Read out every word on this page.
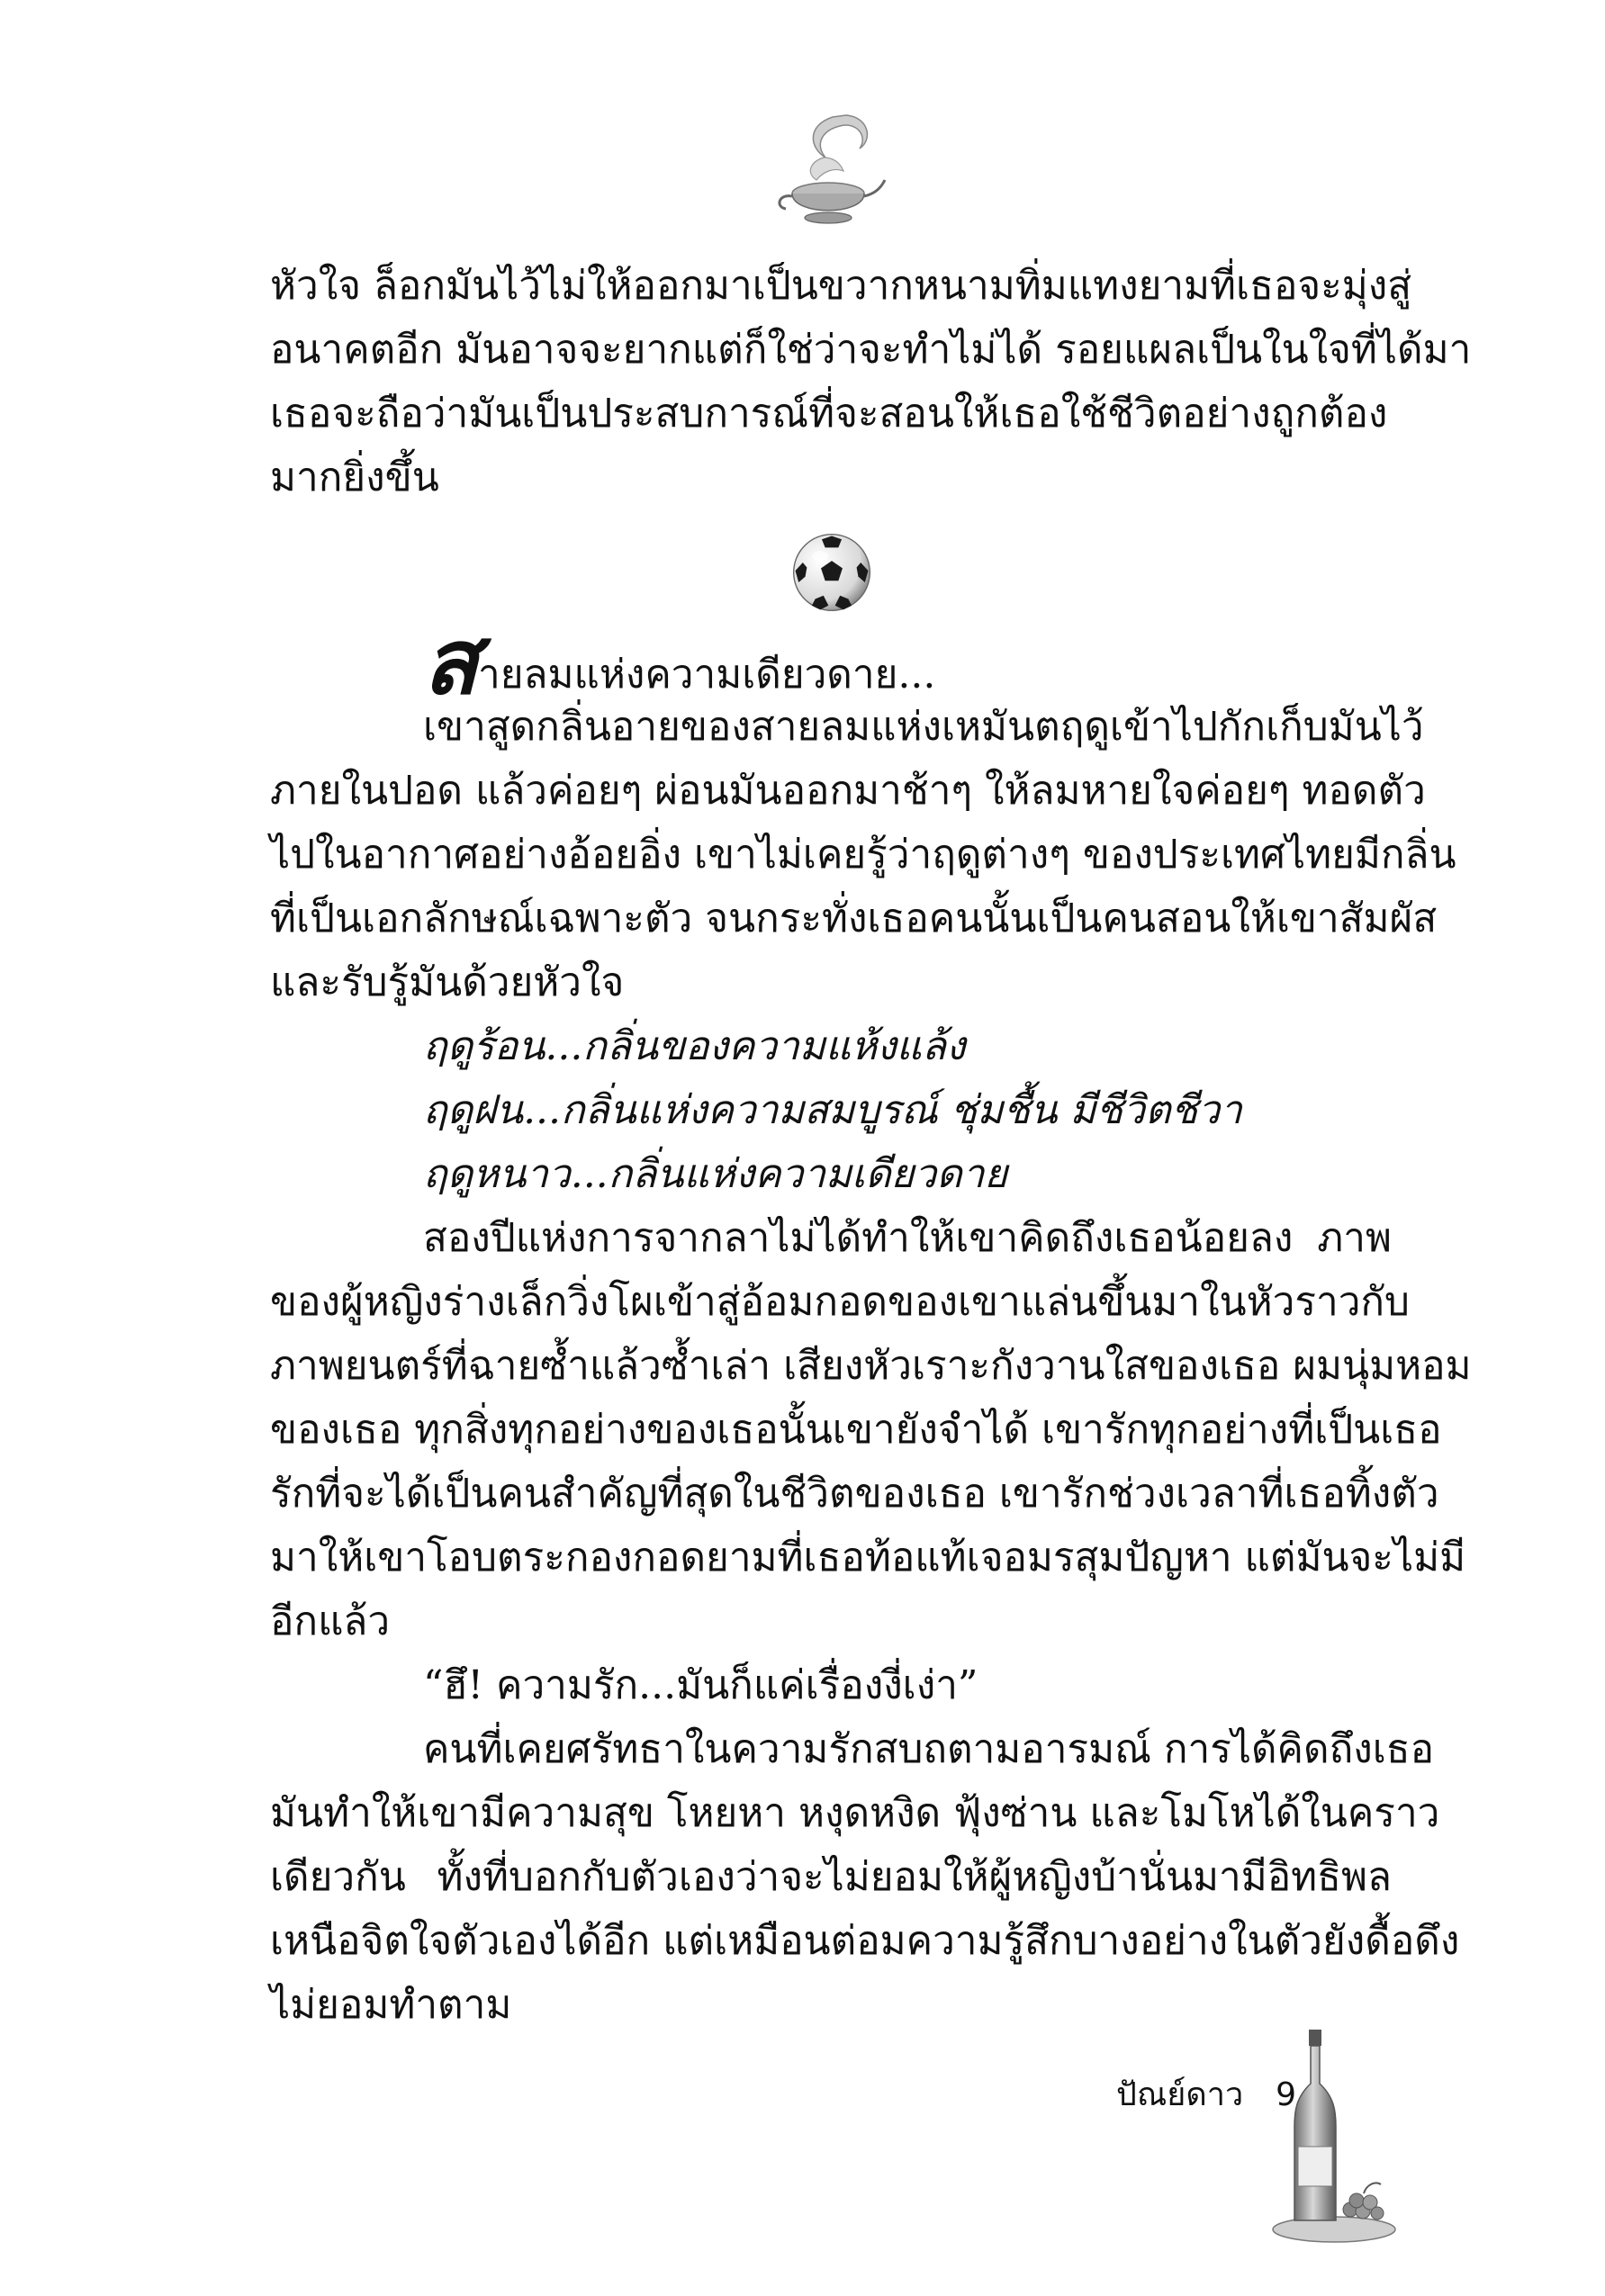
หัวใจ ล็อกมันไว้ไม่ให้ออกมาเป็นขวากหนามทิ่มแทงยามที่เธอจะมุ่งสู่
อนาคตอีก มันอาจจะยากแต่ก็ใช่ว่าจะทำไม่ได้ รอยแผลเป็นในใจที่ได้มา
เธอจะถือว่ามันเป็นประสบการณ์ที่จะสอนให้เธอใช้ชีวิตอย่างถูกต้อง
มากยิ่งขึ้น
สายลมแห่งความเดียวดาย...
เขาสูดกลิ่นอายของสายลมแห่งเหมันตฤดูเข้าไปกักเก็บมันไว้
ภายในปอด แล้วค่อยๆ ผ่อนมันออกมาช้าๆ ให้ลมหายใจค่อยๆ ทอดตัว
ไปในอากาศอย่างอ้อยอิ่ง เขาไม่เคยรู้ว่าฤดูต่างๆ ของประเทศไทยมีกลิ่น
ที่เป็นเอกลักษณ์เฉพาะตัว จนกระทั่งเธอคนนั้นเป็นคนสอนให้เขาสัมผัส
และรับรู้มันด้วยหัวใจ
ฤดูร้อน...กลิ่นของความแห้งแล้ง
ฤดูฝน...กลิ่นแห่งความสมบูรณ์ ชุ่มชื้น มีชีวิตชีวา
ฤดูหนาว...กลิ่นแห่งความเดียวดาย
สองปีแห่งการจากลาไม่ได้ทำให้เขาคิดถึงเธอน้อยลง ภาพ
ของผู้หญิงร่างเล็กวิ่งโผเข้าสู่อ้อมกอดของเขาแล่นขึ้นมาในหัวราวกับ
ภาพยนตร์ที่ฉายซ้ำแล้วซ้ำเล่า เสียงหัวเราะกังวานใสของเธอ ผมนุ่มหอม
ของเธอ ทุกสิ่งทุกอย่างของเธอนั้นเขายังจำได้ เขารักทุกอย่างที่เป็นเธอ
รักที่จะได้เป็นคนสำคัญที่สุดในชีวิตของเธอ เขารักช่วงเวลาที่เธอทิ้งตัว
มาให้เขาโอบตระกองกอดยามที่เธอท้อแท้เจอมรสุมปัญหา แต่มันจะไม่มี
อีกแล้ว
“ฮึ! ความรัก...มันก็แค่เรื่องงี่เง่า”
คนที่เคยศรัทธาในความรักสบถตามอารมณ์ การได้คิดถึงเธอ
มันทำให้เขามีความสุข โหยหา หงุดหงิด ฟุ้งซ่าน และโมโหได้ในคราว
เดียวกัน ทั้งที่บอกกับตัวเองว่าจะไม่ยอมให้ผู้หญิงบ้านั่นมามีอิทธิพล
เหนือจิตใจตัวเองได้อีก แต่เหมือนต่อมความรู้สึกบางอย่างในตัวยังดื้อดึง
ไม่ยอมทำตาม
ปัณย์ดาว 9
